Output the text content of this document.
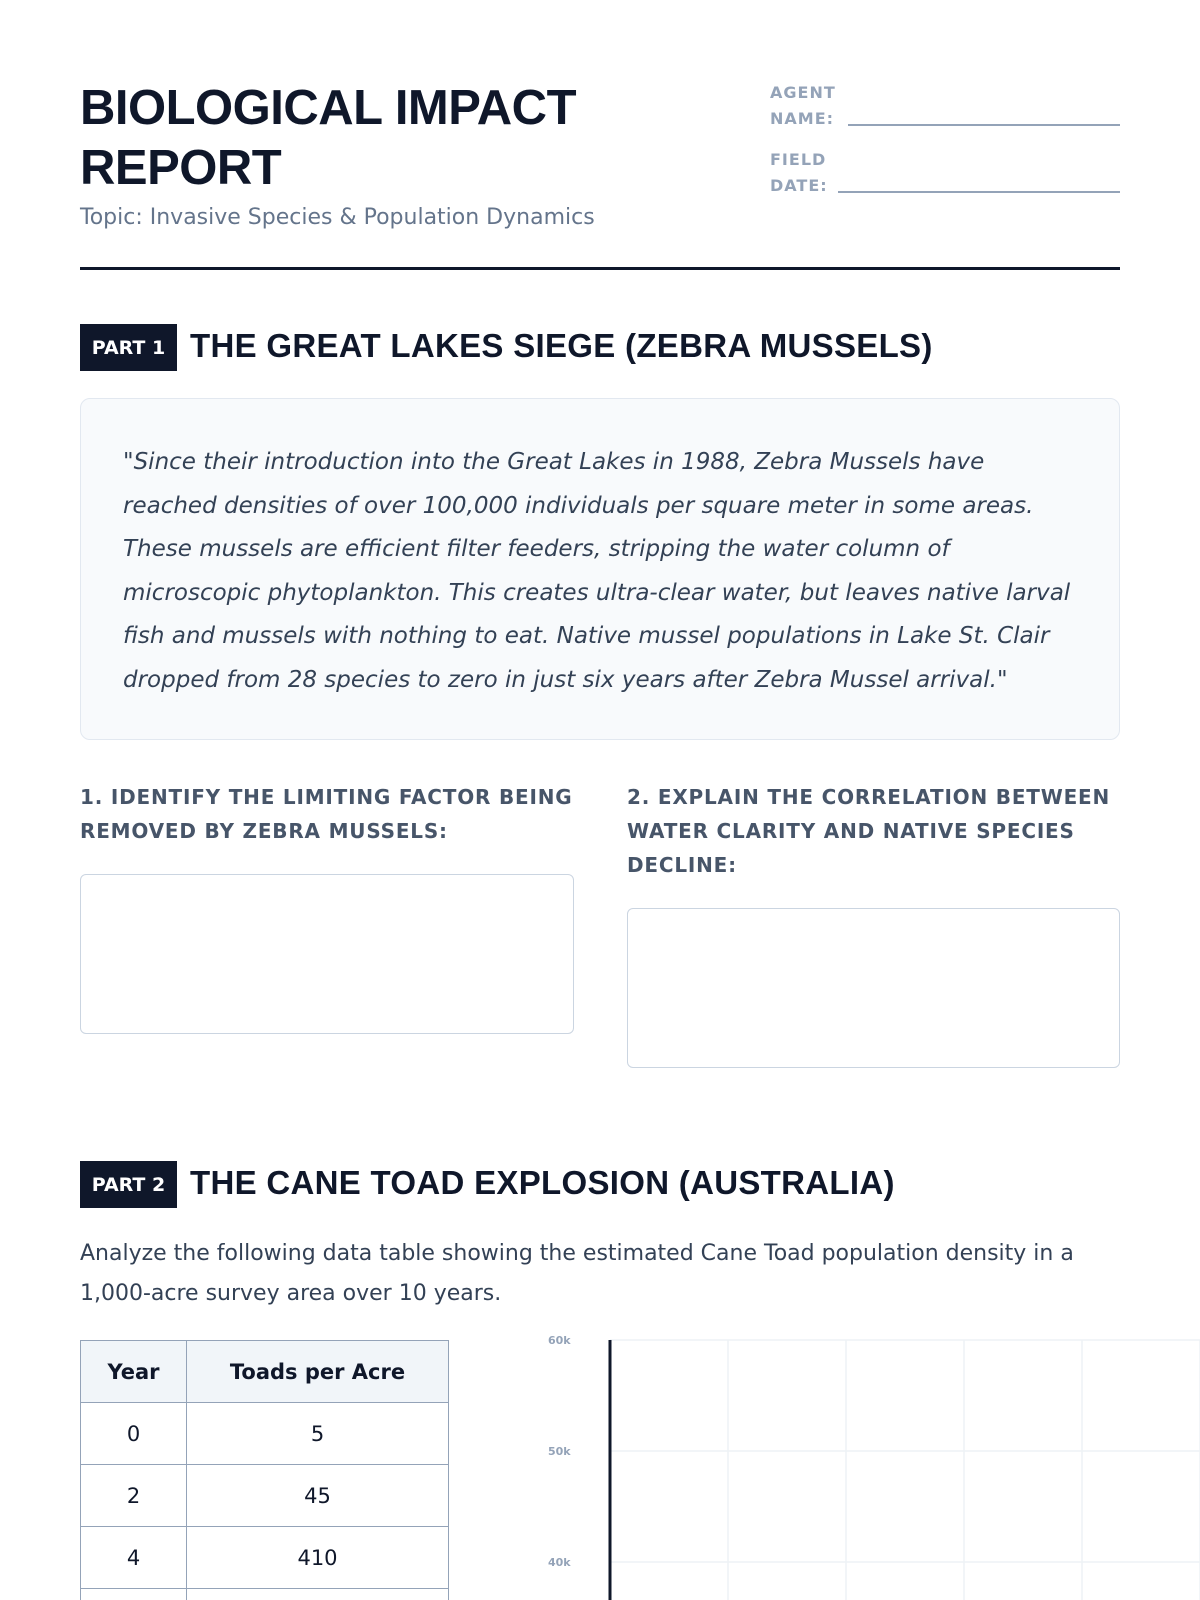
BIOLOGICAL IMPACT REPORT
Topic: Invasive Species & Population Dynamics
AGENT
NAME:
FIELD
DATE:
PART 1 THE GREAT LAKES SIEGE (ZEBRA MUSSELS)
"Since their introduction into the Great Lakes in 1988, Zebra Mussels have reached densities of over 100,000 individuals per square meter in some areas. These mussels are efficient filter feeders, stripping the water column of microscopic phytoplankton. This creates ultra-clear water, but leaves native larval fish and mussels with nothing to eat. Native mussel populations in Lake St. Clair dropped from 28 species to zero in just six years after Zebra Mussel arrival."
1. IDENTIFY THE LIMITING FACTOR BEING REMOVED BY ZEBRA MUSSELS:
2. EXPLAIN THE CORRELATION BETWEEN WATER CLARITY AND NATIVE SPECIES DECLINE:
PART 2 THE CANE TOAD EXPLOSION (AUSTRALIA)
Analyze the following data table showing the estimated Cane Toad population density in a 1,000-acre survey area over 10 years.
Year	Toads per Acre
0	5
2	45
4	410

60k
50k
40k
